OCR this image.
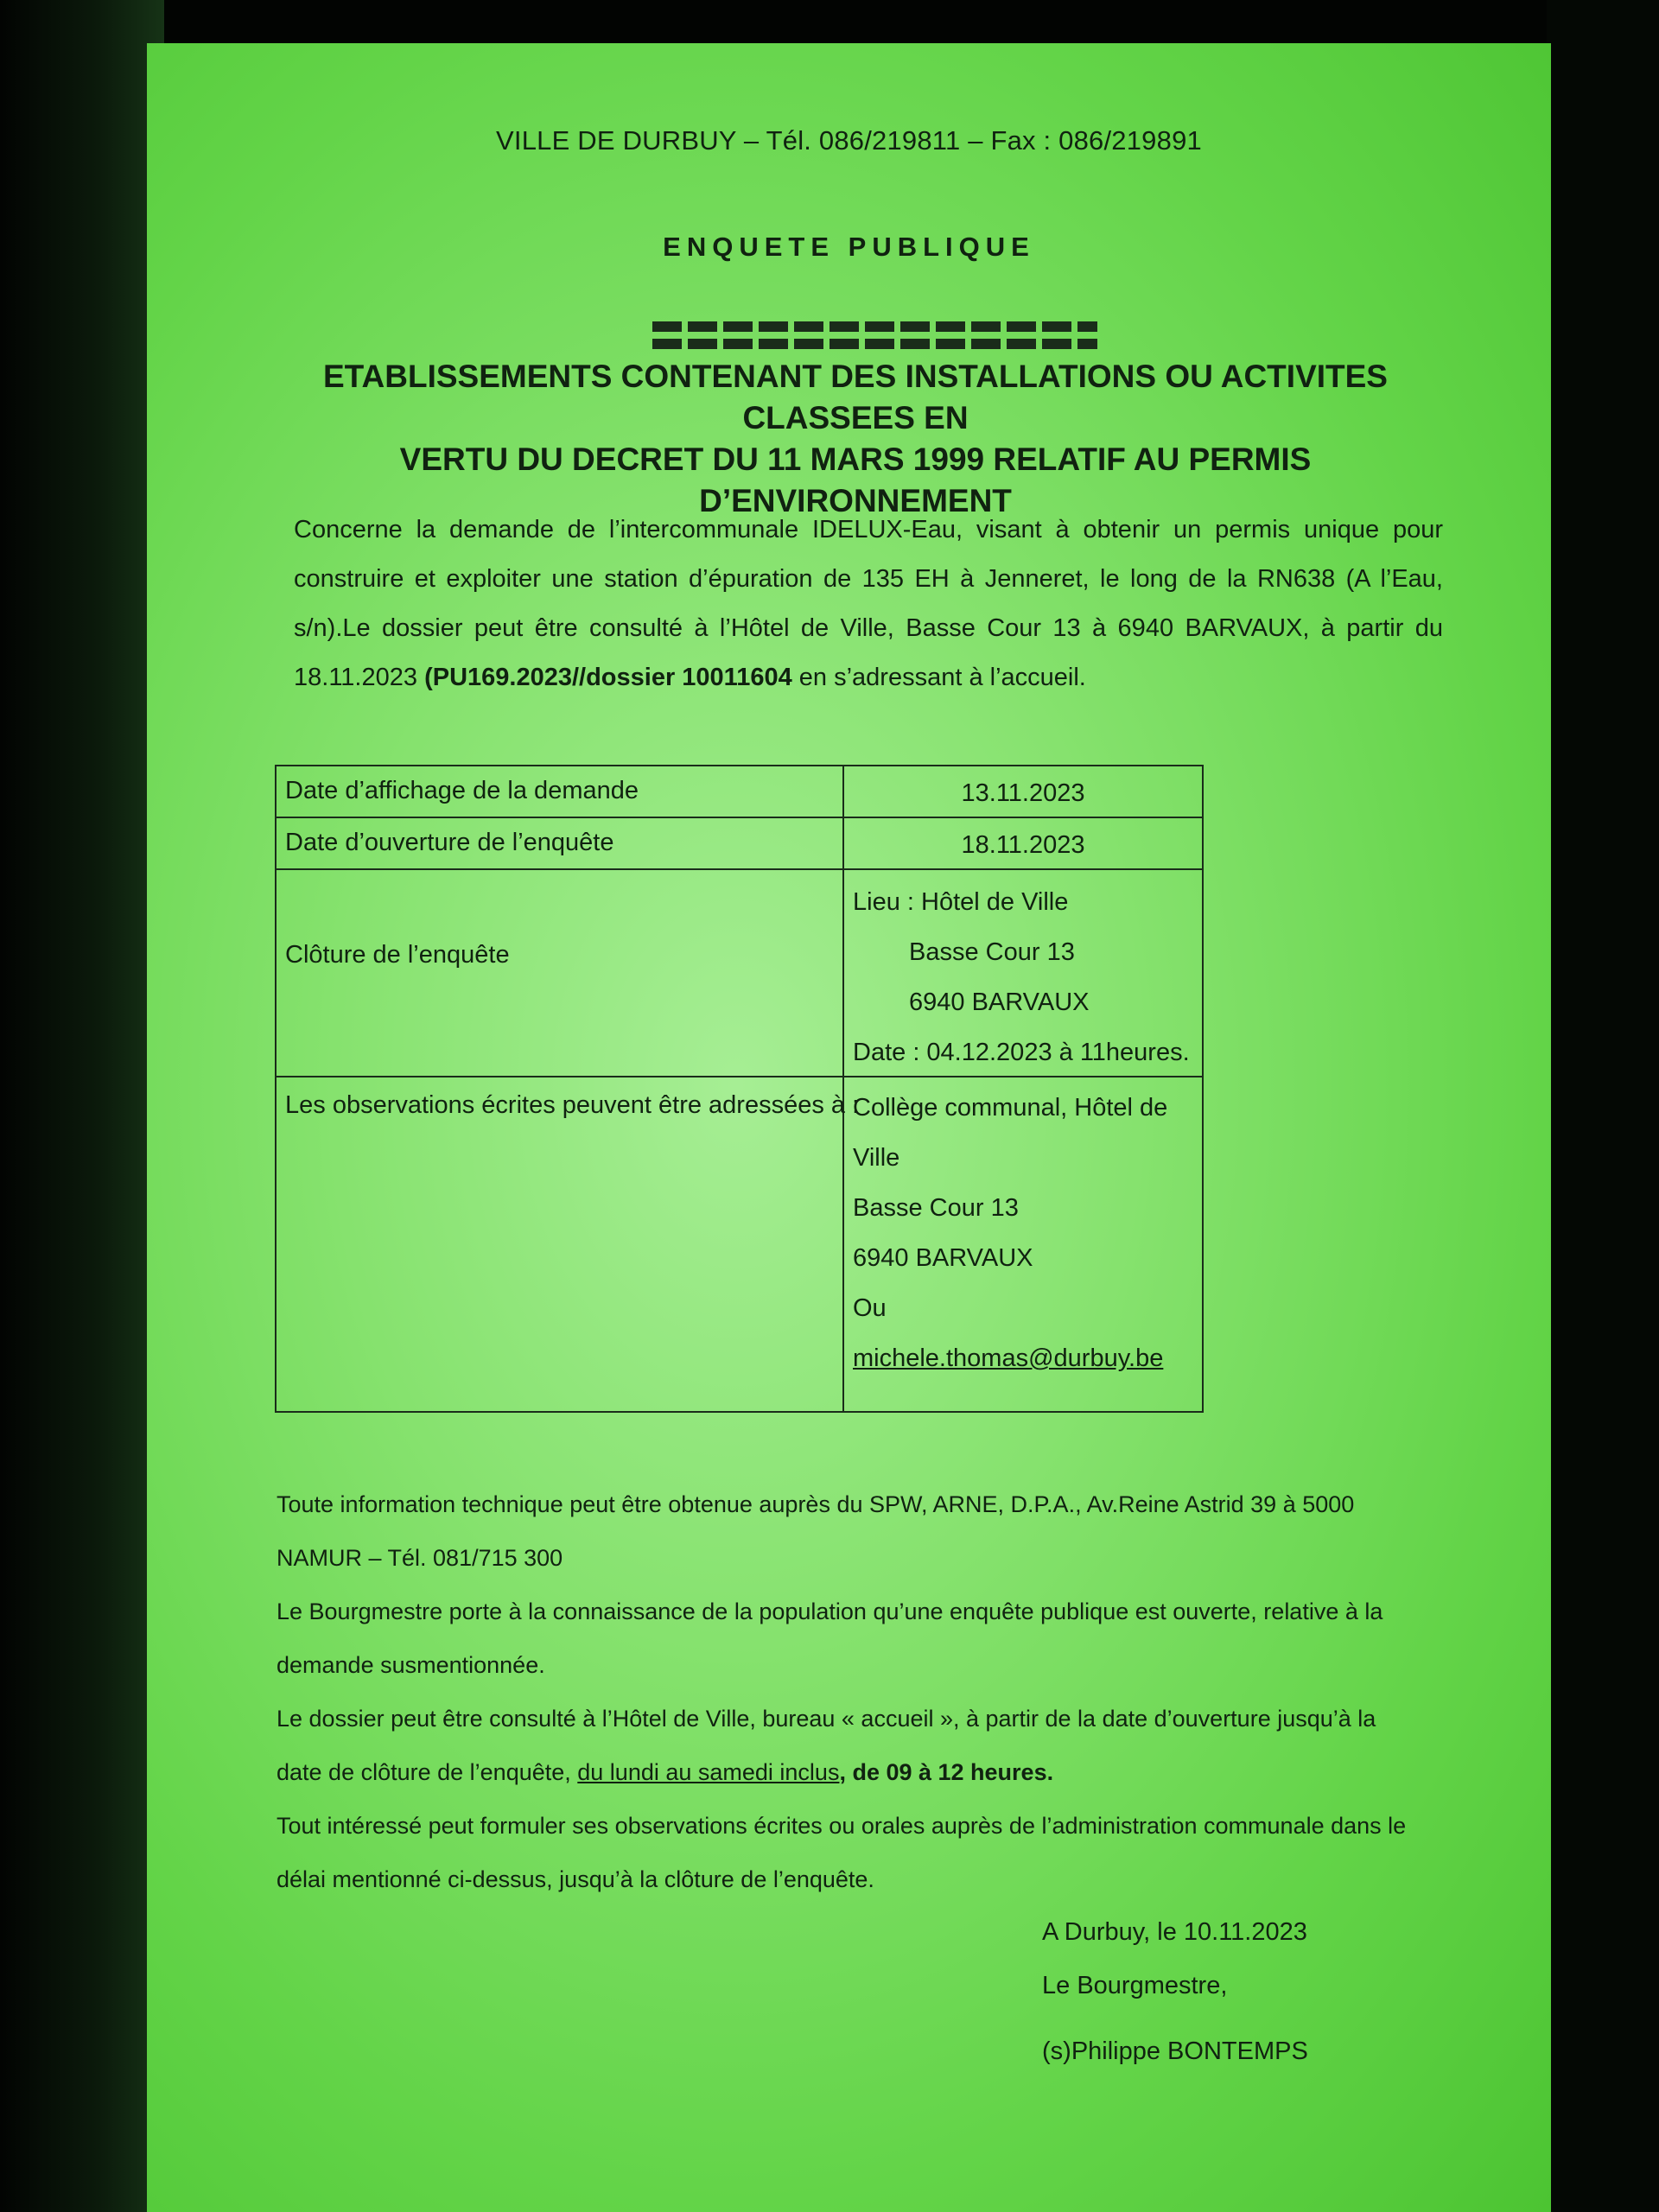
VILLE DE DURBUY – Tél. 086/219811 – Fax : 086/219891
ENQUETE PUBLIQUE
ETABLISSEMENTS CONTENANT DES INSTALLATIONS OU ACTIVITES CLASSEES EN
VERTU DU DECRET DU 11 MARS 1999 RELATIF AU PERMIS D’ENVIRONNEMENT
Concerne la demande de l’intercommunale IDELUX-Eau, visant à obtenir un permis unique pour construire et exploiter une station d’épuration de 135 EH à Jenneret, le long de la RN638 (A l’Eau, s/n).Le dossier peut être consulté à l’Hôtel de Ville, Basse Cour 13 à 6940 BARVAUX, à partir du 18.11.2023 (PU169.2023//dossier 10011604 en s’adressant à l’accueil.
Date d’affichage de la demande	13.11.2023
Date d’ouverture de l’enquête	18.11.2023
Clôture de l’enquête
Lieu : Hôtel de Ville
Basse Cour 13
6940 BARVAUX
Date : 04.12.2023 à 11heures.
Les observations écrites peuvent être adressées à :
Collège communal, Hôtel de Ville
Basse Cour 13
6940 BARVAUX
Ou
michele.thomas@durbuy.be

Toute information technique peut être obtenue auprès du SPW, ARNE, D.P.A., Av.Reine Astrid 39 à 5000 NAMUR – Tél. 081/715 300

Le Bourgmestre porte à la connaissance de la population qu’une enquête publique est ouverte, relative à la demande susmentionnée.

Le dossier peut être consulté à l’Hôtel de Ville, bureau « accueil », à partir de la date d’ouverture jusqu’à la date de clôture de l’enquête, du lundi au samedi inclus, de 09 à 12 heures.

Tout intéressé peut formuler ses observations écrites ou orales auprès de l’administration communale dans le délai mentionné ci-dessus, jusqu’à la clôture de l’enquête.

A Durbuy, le 10.11.2023
Le Bourgmestre,
(s)Philippe BONTEMPS
